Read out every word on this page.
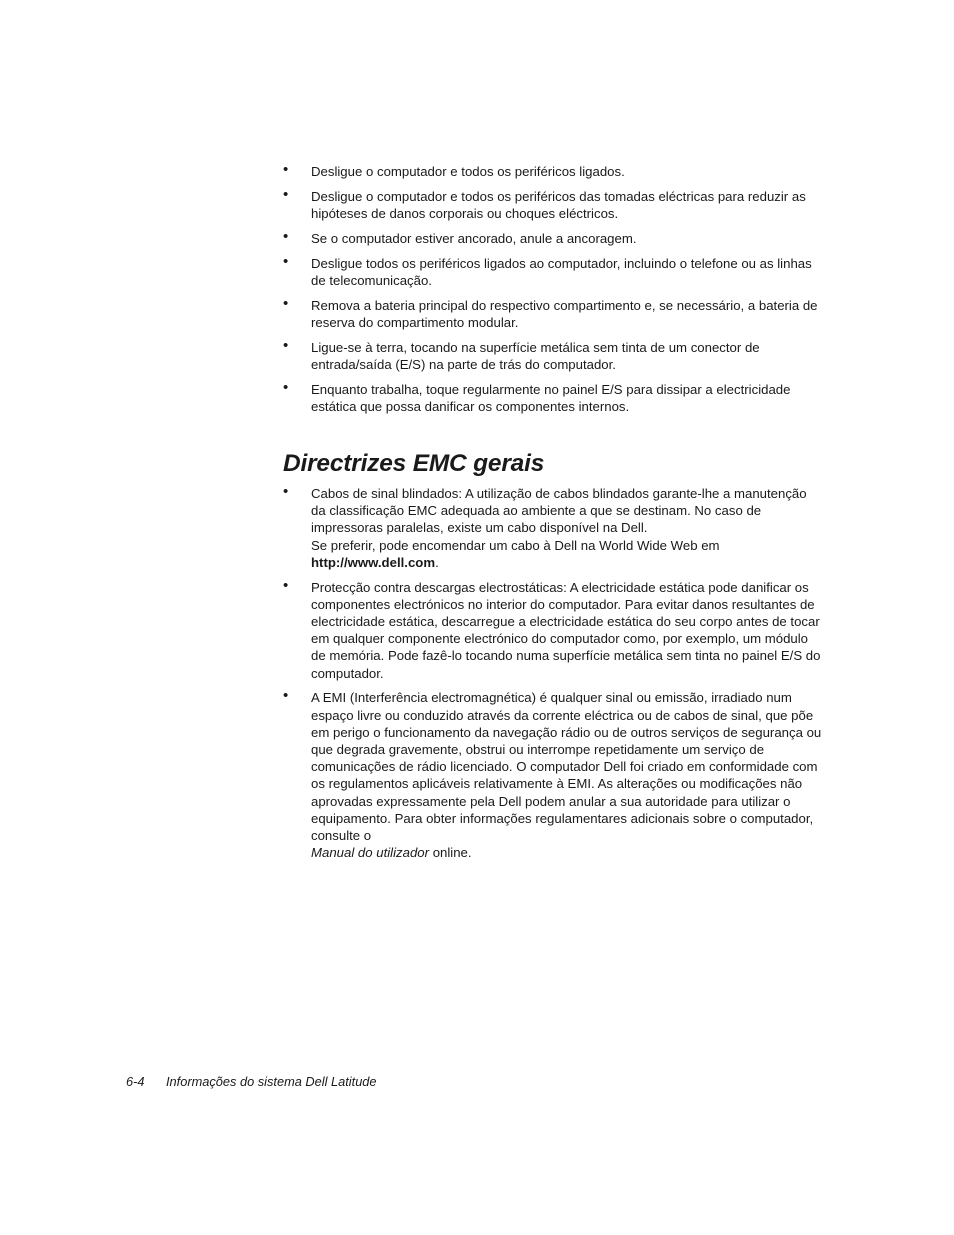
• Desligue o computador e todos os periféricos ligados.
• Desligue o computador e todos os periféricos das tomadas eléctricas para reduzir as hipóteses de danos corporais ou choques eléctricos.
• Se o computador estiver ancorado, anule a ancoragem.
• Desligue todos os periféricos ligados ao computador, incluindo o telefone ou as linhas de telecomunicação.
• Remova a bateria principal do respectivo compartimento e, se necessário, a bateria de reserva do compartimento modular.
• Ligue-se à terra, tocando na superfície metálica sem tinta de um conector de entrada/saída (E/S) na parte de trás do computador.
• Enquanto trabalha, toque regularmente no painel E/S para dissipar a electricidade estática que possa danificar os componentes internos.
Directrizes EMC gerais
• Cabos de sinal blindados: A utilização de cabos blindados garante-lhe a manutenção da classificação EMC adequada ao ambiente a que se destinam. No caso de impressoras paralelas, existe um cabo disponível na Dell.
Se preferir, pode encomendar um cabo à Dell na World Wide Web em
http://www.dell.com.
• Protecção contra descargas electrostáticas: A electricidade estática pode danificar os componentes electrónicos no interior do computador. Para evitar danos resultantes de electricidade estática, descarregue a electricidade estática do seu corpo antes de tocar em qualquer componente electrónico do computador como, por exemplo, um módulo de memória. Pode fazê-lo tocando numa superfície metálica sem tinta no painel E/S do computador.
• A EMI (Interferência electromagnética) é qualquer sinal ou emissão, irradiado num espaço livre ou conduzido através da corrente eléctrica ou de cabos de sinal, que põe em perigo o funcionamento da navegação rádio ou de outros serviços de segurança ou que degrada gravemente, obstrui ou interrompe repetidamente um serviço de comunicações de rádio licenciado. O computador Dell foi criado em conformidade com os regulamentos aplicáveis relativamente à EMI. As alterações ou modificações não aprovadas expressamente pela Dell podem anular a sua autoridade para utilizar o equipamento. Para obter informações regulamentares adicionais sobre o computador, consulte o
Manual do utilizador online.
6-4 Informações do sistema Dell Latitude
